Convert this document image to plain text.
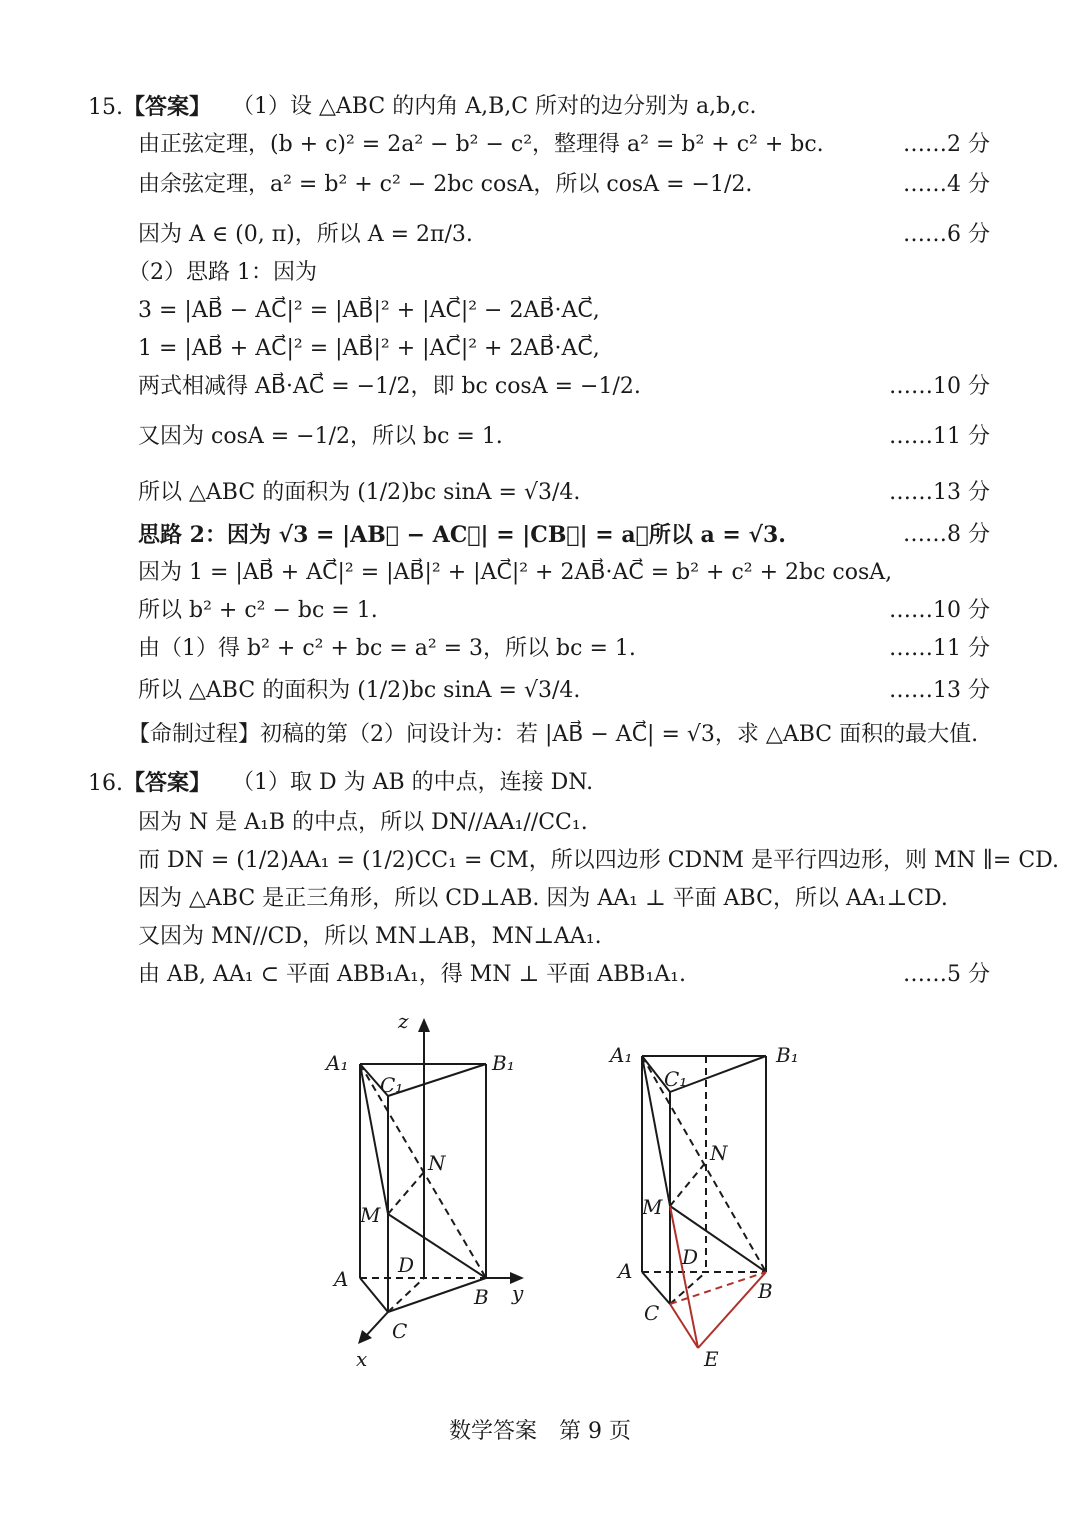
15.【答案】 （1）设 △ABC 的内角 A,B,C 所对的边分别为 a,b,c.
由正弦定理，(b + c)² = 2a² − b² − c²，整理得 a² = b² + c² + bc.	……2 分
由余弦定理，a² = b² + c² − 2bc cosA，所以 cosA = −1/2.	……4 分
因为 A ∈ (0, π)，所以 A = 2π/3.	……6 分
（2）思路 1：因为
3 = |AB⃗ − AC⃗|² = |AB⃗|² + |AC⃗|² − 2AB⃗·AC⃗,
1 = |AB⃗ + AC⃗|² = |AB⃗|² + |AC⃗|² + 2AB⃗·AC⃗,
两式相减得 AB⃗·AC⃗ = −1/2，即 bc cosA = −1/2.	……10 分
又因为 cosA = −1/2，所以 bc = 1.	……11 分
所以 △ABC 的面积为 (1/2)bc sinA = √3/4.	……13 分
思路 2：因为 √3 = |AB⃗ − AC⃗| = |CB⃗| = a，所以 a = √3.	……8 分
因为 1 = |AB⃗ + AC⃗|² = |AB⃗|² + |AC⃗|² + 2AB⃗·AC⃗ = b² + c² + 2bc cosA,
所以 b² + c² − bc = 1.	……10 分
由（1）得 b² + c² + bc = a² = 3，所以 bc = 1.	……11 分
所以 △ABC 的面积为 (1/2)bc sinA = √3/4.	……13 分
【命制过程】初稿的第（2）问设计为：若 |AB⃗ − AC⃗| = √3，求 △ABC 面积的最大值.
16.【答案】 （1）取 D 为 AB 的中点，连接 DN.
因为 N 是 A₁B 的中点，所以 DN//AA₁//CC₁.
而 DN = (1/2)AA₁ = (1/2)CC₁ = CM，所以四边形 CDNM 是平行四边形，则 MN ∥= CD.
因为 △ABC 是正三角形，所以 CD⊥AB. 因为 AA₁ ⊥ 平面 ABC，所以 AA₁⊥CD.
又因为 MN//CD，所以 MN⊥AB，MN⊥AA₁.
由 AB, AA₁ ⊂ 平面 ABB₁A₁，得 MN ⊥ 平面 ABB₁A₁.	……5 分
z
A₁	B₁
C₁
N
M
A
D
B y
C
x
A₁	B₁
C₁
N
M
A
D
B
C
E
数学答案　第 9 页
